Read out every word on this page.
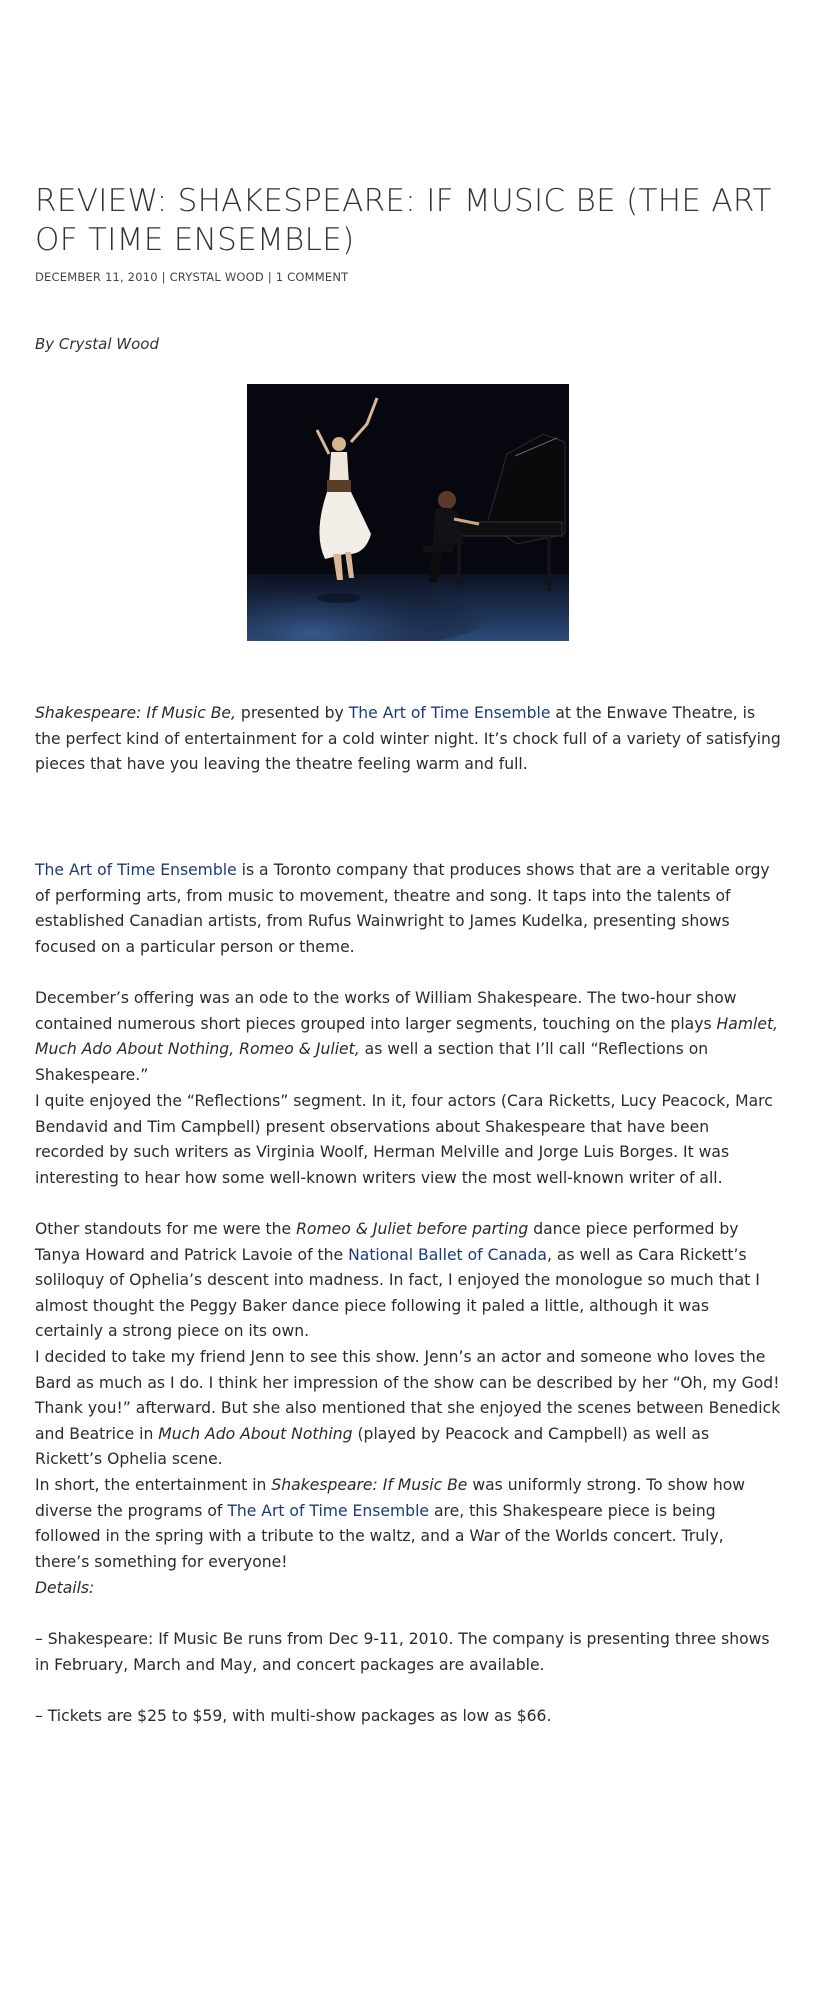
REVIEW: SHAKESPEARE: IF MUSIC BE (THE ART OF TIME ENSEMBLE)
DECEMBER 11, 2010 | CRYSTAL WOOD | 1 COMMENT
By Crystal Wood

Shakespeare: If Music Be, presented by The Art of Time Ensemble at the Enwave Theatre, is the perfect kind of entertainment for a cold winter night. It’s chock full of a variety of satisfying pieces that have you leaving the theatre feeling warm and full.

The Art of Time Ensemble is a Toronto company that produces shows that are a veritable orgy of performing arts, from music to movement, theatre and song. It taps into the talents of established Canadian artists, from Rufus Wainwright to James Kudelka, presenting shows focused on a particular person or theme.

December’s offering was an ode to the works of William Shakespeare. The two-hour show contained numerous short pieces grouped into larger segments, touching on the plays Hamlet, Much Ado About Nothing, Romeo & Juliet, as well a section that I’ll call “Reflections on Shakespeare.”

I quite enjoyed the “Reflections” segment. In it, four actors (Cara Ricketts, Lucy Peacock, Marc Bendavid and Tim Campbell) present observations about Shakespeare that have been recorded by such writers as Virginia Woolf, Herman Melville and Jorge Luis Borges. It was interesting to hear how some well-known writers view the most well-known writer of all.

Other standouts for me were the Romeo & Juliet before parting dance piece performed by Tanya Howard and Patrick Lavoie of the National Ballet of Canada, as well as Cara Rickett’s soliloquy of Ophelia’s descent into madness. In fact, I enjoyed the monologue so much that I almost thought the Peggy Baker dance piece following it paled a little, although it was certainly a strong piece on its own.

I decided to take my friend Jenn to see this show. Jenn’s an actor and someone who loves the Bard as much as I do. I think her impression of the show can be described by her “Oh, my God! Thank you!” afterward. But she also mentioned that she enjoyed the scenes between Benedick and Beatrice in Much Ado About Nothing (played by Peacock and Campbell) as well as Rickett’s Ophelia scene.

In short, the entertainment in Shakespeare: If Music Be was uniformly strong. To show how diverse the programs of The Art of Time Ensemble are, this Shakespeare piece is being followed in the spring with a tribute to the waltz, and a War of the Worlds concert. Truly, there’s something for everyone!

Details:

– Shakespeare: If Music Be runs from Dec 9-11, 2010. The company is presenting three shows in February, March and May, and concert packages are available.

– Tickets are $25 to $59, with multi-show packages as low as $66.
